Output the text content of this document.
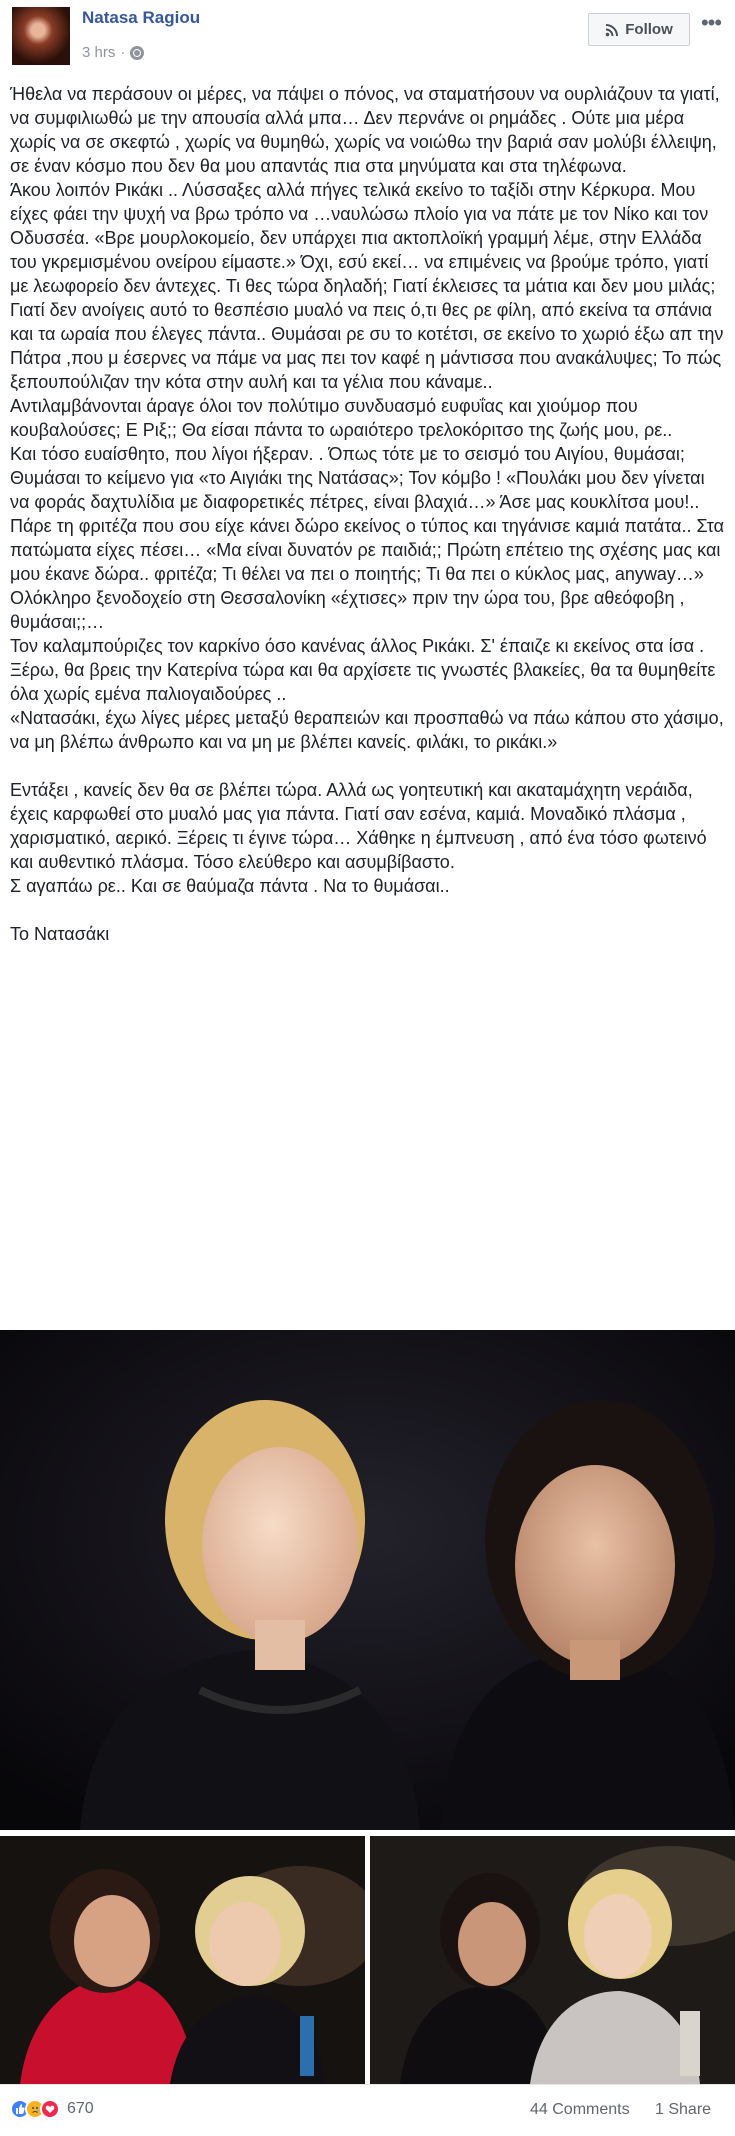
Natasa Ragiou
3 hrs ·
Follow •••

Ήθελα να περάσουν οι μέρες, να πάψει ο πόνος, να σταματήσουν να ουρλιάζουν τα γιατί, να συμφιλιωθώ με την απουσία αλλά μπα… Δεν περνάνε οι ρημάδες . Ούτε μια μέρα χωρίς να σε σκεφτώ , χωρίς να θυμηθώ, χωρίς να νοιώθω την βαριά σαν μολύβι έλλειψη, σε έναν κόσμο που δεν θα μου απαντάς πια στα μηνύματα και στα τηλέφωνα.

Άκου λοιπόν Ρικάκι .. Λύσσαξες αλλά πήγες τελικά εκείνο το ταξίδι στην Κέρκυρα. Μου είχες φάει την ψυχή να βρω τρόπο να …ναυλώσω πλοίο για να πάτε με τον Νίκο και τον Οδυσσέα. «Βρε μουρλοκομείο, δεν υπάρχει πια ακτοπλοϊκή γραμμή λέμε, στην Ελλάδα του γκρεμισμένου ονείρου είμαστε.» Όχι, εσύ εκεί… να επιμένεις να βρούμε τρόπο, γιατί με λεωφορείο δεν άντεχες. Τι θες τώρα δηλαδή; Γιατί έκλεισες τα μάτια και δεν μου μιλάς; Γιατί δεν ανοίγεις αυτό το θεσπέσιο μυαλό να πεις ό,τι θες ρε φίλη, από εκείνα τα σπάνια και τα ωραία που έλεγες πάντα.. Θυμάσαι ρε συ το κοτέτσι, σε εκείνο το χωριό έξω απ την Πάτρα ,που μ έσερνες να πάμε να μας πει τον καφέ η μάντισσα που ανακάλυψες; Το πώς ξεπουπούλιζαν την κότα στην αυλή και τα γέλια που κάναμε..

Αντιλαμβάνονται άραγε όλοι τον πολύτιμο συνδυασμό ευφυΐας και χιούμορ που κουβαλούσες; Ε Ριξ;; Θα είσαι πάντα το ωραιότερο τρελοκόριτσο της ζωής μου, ρε..

Και τόσο ευαίσθητο, που λίγοι ήξεραν. . Όπως τότε με το σεισμό του Αιγίου, θυμάσαι; Θυμάσαι το κείμενο για «το Αιγιάκι της Νατάσας»; Τον κόμβο ! «Πουλάκι μου δεν γίνεται να φοράς δαχτυλίδια με διαφορετικές πέτρες, είναι βλαχιά…» Άσε μας κουκλίτσα μου!.. Πάρε τη φριτέζα που σου είχε κάνει δώρο εκείνος ο τύπος και τηγάνισε καμιά πατάτα.. Στα πατώματα είχες πέσει… «Μα είναι δυνατόν ρε παιδιά;; Πρώτη επέτειο της σχέσης μας και μου έκανε δώρα.. φριτέζα; Τι θέλει να πει ο ποιητής; Τι θα πει ο κύκλος μας, anyway…» Ολόκληρο ξενοδοχείο στη Θεσσαλονίκη «έχτισες» πριν την ώρα του, βρε αθεόφοβη , θυμάσαι;;…

Τον καλαμπούριζες τον καρκίνο όσο κανένας άλλος Ρικάκι. Σ' έπαιζε κι εκείνος στα ίσα .

Ξέρω, θα βρεις την Κατερίνα τώρα και θα αρχίσετε τις γνωστές βλακείες, θα τα θυμηθείτε όλα χωρίς εμένα παλιογαιδούρες ..

«Νατασάκι, έχω λίγες μέρες μεταξύ θεραπειών και προσπαθώ να πάω κάπου στο χάσιμο, να μη βλέπω άνθρωπο και να μη με βλέπει κανείς. φιλάκι, το ρικάκι.»

Εντάξει , κανείς δεν θα σε βλέπει τώρα. Αλλά ως γοητευτική και ακαταμάχητη νεράιδα, έχεις καρφωθεί στο μυαλό μας για πάντα. Γιατί σαν εσένα, καμιά. Μοναδικό πλάσμα , χαρισματικό, αερικό. Ξέρεις τι έγινε τώρα… Χάθηκε η έμπνευση , από ένα τόσο φωτεινό και αυθεντικό πλάσμα. Τόσο ελεύθερο και ασυμβίβαστο.

Σ αγαπάω ρε.. Και σε θαύμαζα πάντα . Να το θυμάσαι..

Το Νατασάκι

670	44 Comments 1 Share
